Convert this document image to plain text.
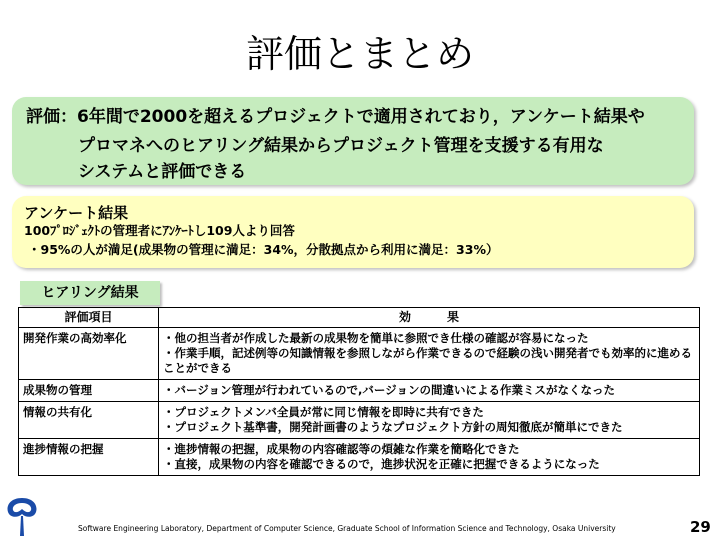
評価とまとめ
評価：6年間で2000を超えるプロジェクトで適用されており，アンケート結果や
プロマネへのヒアリング結果からプロジェクト管理を支援する有用な
システムと評価できる
アンケート結果
100ﾌﾟﾛｼﾞｪｸﾄの管理者にｱﾝｹｰﾄし109人より回答
・95%の人が満足(成果物の管理に満足：34%，分散拠点から利用に満足：33%）
ヒアリング結果
評価項目	効　　　果
開発作業の高効率化	・他の担当者が作成した最新の成果物を簡単に参照でき仕様の確認が容易になった
・作業手順，記述例等の知識情報を参照しながら作業できるので経験の浅い開発者でも効率的に進めることができる

成果物の管理	・バージョン管理が行われているので,バージョンの間違いによる作業ミスがなくなった

情報の共有化	・プロジェクトメンバ全員が常に同じ情報を即時に共有できた
・プロジェクト基準書，開発計画書のようなプロジェクト方針の周知徹底が簡単にできた

進捗情報の把握	・進捗情報の把握，成果物の内容確認等の煩雑な作業を簡略化できた
・直接，成果物の内容を確認できるので，進捗状況を正確に把握できるようになった
Software Engineering Laboratory, Department of Computer Science, Graduate School of Information Science and Technology, Osaka University	29
